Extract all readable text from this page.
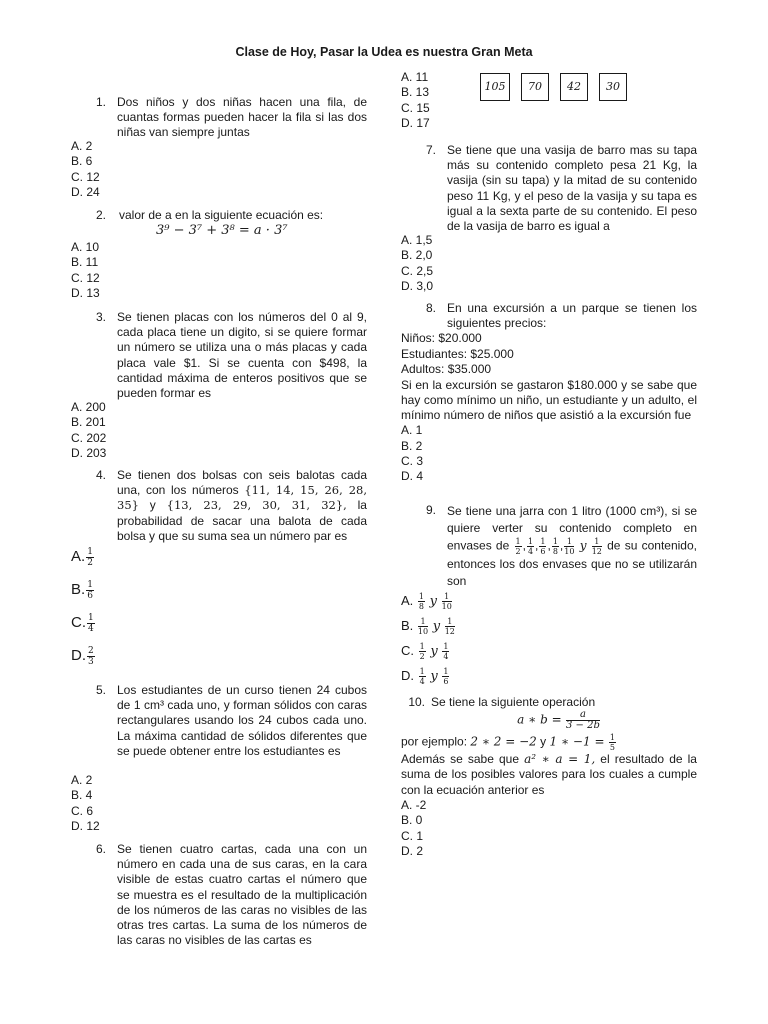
Clase de Hoy, Pasar la Udea es nuestra Gran Meta
1. Dos niños y dos niñas hacen una fila, de cuantas formas pueden hacer la fila si las dos niñas van siempre juntas
A. 2
B. 6
C. 12
D. 24
2.	valor de a en la siguiente ecuación es:
3⁹ − 3⁷ + 3⁸ = a · 3⁷
A. 10
B. 11
C. 12
D. 13
3. Se tienen placas con los números del 0 al 9, cada placa tiene un digito, si se quiere formar un número se utiliza una o más placas y cada placa vale $1. Si se cuenta con $498, la cantidad máxima de enteros positivos que se pueden formar es
A. 200
B. 201
C. 202
D. 203
4. Se tienen dos bolsas con seis balotas cada una, con los números {11, 14, 15, 26, 28, 35} y {13, 23, 29, 30, 31, 32}, la probabilidad de sacar una balota de cada bolsa y que su suma sea un número par es
A. $\frac{1}{2}$
B. $\frac{1}{6}$
C. $\frac{1}{4}$
D. $\frac{2}{3}$
5. Los estudiantes de un curso tienen 24 cubos de 1 cm³ cada uno, y forman sólidos con caras rectangulares usando los 24 cubos cada uno. La máxima cantidad de sólidos diferentes que se puede obtener entre los estudiantes es
A. 2
B. 4
C. 6
D. 12
6. Se tienen cuatro cartas, cada una con un número en cada una de sus caras, en la cara visible de estas cuatro cartas el número que se muestra es el resultado de la multiplicación de los números de las caras no visibles de las otras tres cartas. La suma de los números de las caras no visibles de las cartas es
A. 11
B. 13
C. 15
D. 17
105	70	42	30
7. Se tiene que una vasija de barro mas su tapa más su contenido completo pesa 21 Kg, la vasija (sin su tapa) y la mitad de su contenido peso 11 Kg, y el peso de la vasija y su tapa es igual a la sexta parte de su contenido. El peso de la vasija de barro es igual a
A. 1,5
B. 2,0
C. 2,5
D. 3,0
8. En una excursión a un parque se tienen los siguientes precios:
Niños: $20.000
Estudiantes: $25.000
Adultos: $35.000
Si en la excursión se gastaron $180.000 y se sabe que hay como mínimo un niño, un estudiante y un adulto, el mínimo número de niños que asistió a la excursión fue
A. 1
B. 2
C. 3
D. 4
9. Se tiene una jarra con 1 litro (1000 cm³), si se quiere verter su contenido completo en envases de $\frac{1}{2}$ , $\frac{1}{4}$ , $\frac{1}{6}$ , $\frac{1}{8}$ , $\frac{1}{10}$ y $\frac{1}{12}$ de su contenido, entonces los dos envases que no se utilizarán son
A. $\frac{1}{8}$ y $\frac{1}{10}$
B. $\frac{1}{10}$ y $\frac{1}{12}$
C. $\frac{1}{2}$ y $\frac{1}{4}$
D. $\frac{1}{4}$ y $\frac{1}{6}$
10. Se tiene la siguiente operación
a ∗ $b = \frac{a}{3 - 2b}$
por ejemplo: 2 ∗ 2 = −2 y 1 ∗ $-1 = \frac{1}{5}$
Además se sabe que a² ∗ a = 1, el resultado de la suma de los posibles valores para los cuales a cumple con la ecuación anterior es
A. -2
B. 0
C. 1
D. 2
